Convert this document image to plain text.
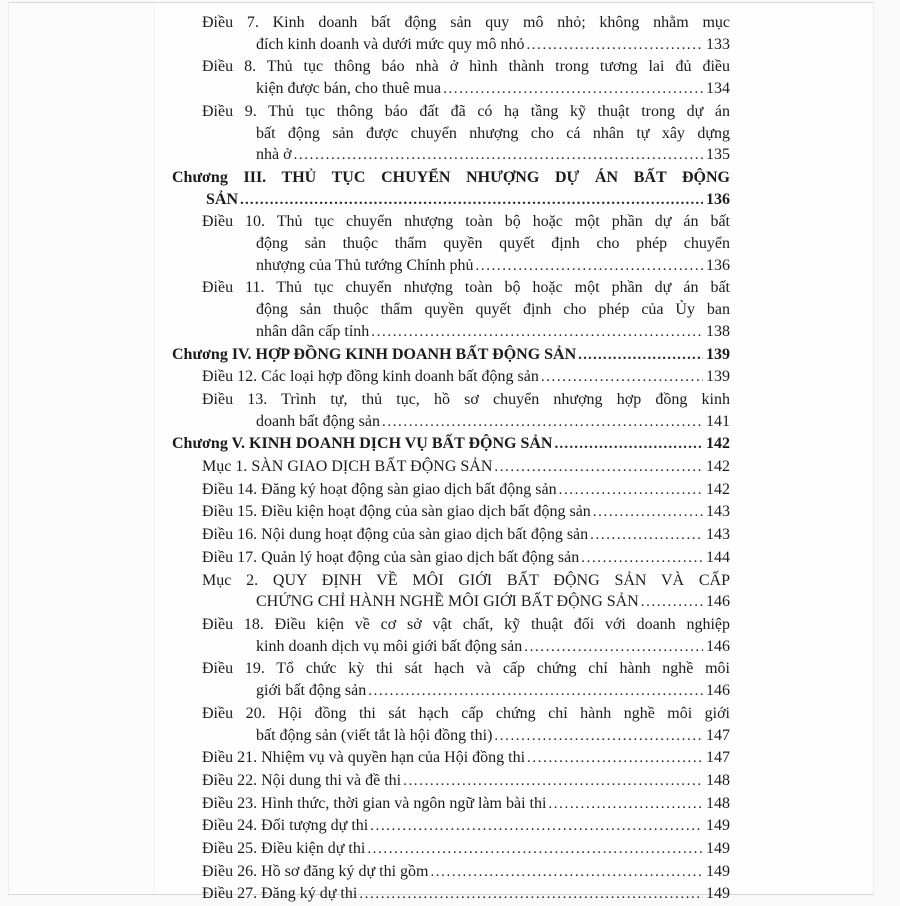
Điều 7. Kinh doanh bất động sản quy mô nhỏ; không nhằm mục
đích kinh doanh và dưới mức quy mô nhỏ .....	133
Điều 8. Thủ tục thông báo nhà ở hình thành trong tương lai đủ điều
kiện được bán, cho thuê mua .....	134
Điều 9. Thủ tục thông báo đất đã có hạ tầng kỹ thuật trong dự án
bất động sản được chuyển nhượng cho cá nhân tự xây dựng
nhà ở .....	135
Chương III. THỦ TỤC CHUYỂN NHƯỢNG DỰ ÁN BẤT ĐỘNG
SẢN .....	136
Điều 10. Thủ tục chuyển nhượng toàn bộ hoặc một phần dự án bất
động sản thuộc thẩm quyền quyết định cho phép chuyển
nhượng của Thủ tướng Chính phủ .....	136
Điều 11. Thủ tục chuyển nhượng toàn bộ hoặc một phần dự án bất
động sản thuộc thẩm quyền quyết định cho phép của Ủy ban
nhân dân cấp tỉnh .....	138
Chương IV. HỢP ĐỒNG KINH DOANH BẤT ĐỘNG SẢN .....	139
Điều 12. Các loại hợp đồng kinh doanh bất động sản .....	139
Điều 13. Trình tự, thủ tục, hồ sơ chuyển nhượng hợp đồng kinh
doanh bất động sản .....	141
Chương V. KINH DOANH DỊCH VỤ BẤT ĐỘNG SẢN .....	142
Mục 1. SÀN GIAO DỊCH BẤT ĐỘNG SẢN .....	142
Điều 14. Đăng ký hoạt động sàn giao dịch bất động sản .....	142
Điều 15. Điều kiện hoạt động của sàn giao dịch bất động sản .....	143
Điều 16. Nội dung hoạt động của sàn giao dịch bất động sản .....	143
Điều 17. Quản lý hoạt động của sàn giao dịch bất động sản .....	144
Mục 2. QUY ĐỊNH VỀ MÔI GIỚI BẤT ĐỘNG SẢN VÀ CẤP
CHỨNG CHỈ HÀNH NGHỀ MÔI GIỚI BẤT ĐỘNG SẢN .....	146
Điều 18. Điều kiện về cơ sở vật chất, kỹ thuật đối với doanh nghiệp
kinh doanh dịch vụ môi giới bất động sản .....	146
Điều 19. Tổ chức kỳ thi sát hạch và cấp chứng chỉ hành nghề môi
giới bất động sản .....	146
Điều 20. Hội đồng thi sát hạch cấp chứng chỉ hành nghề môi giới
bất động sản (viết tắt là hội đồng thi) .....	147
Điều 21. Nhiệm vụ và quyền hạn của Hội đồng thi .....	147
Điều 22. Nội dung thi và đề thi .....	148
Điều 23. Hình thức, thời gian và ngôn ngữ làm bài thi .....	148
Điều 24. Đối tượng dự thi .....	149
Điều 25. Điều kiện dự thi .....	149
Điều 26. Hồ sơ đăng ký dự thi gồm .....	149
Điều 27. Đăng ký dự thi .....	149
